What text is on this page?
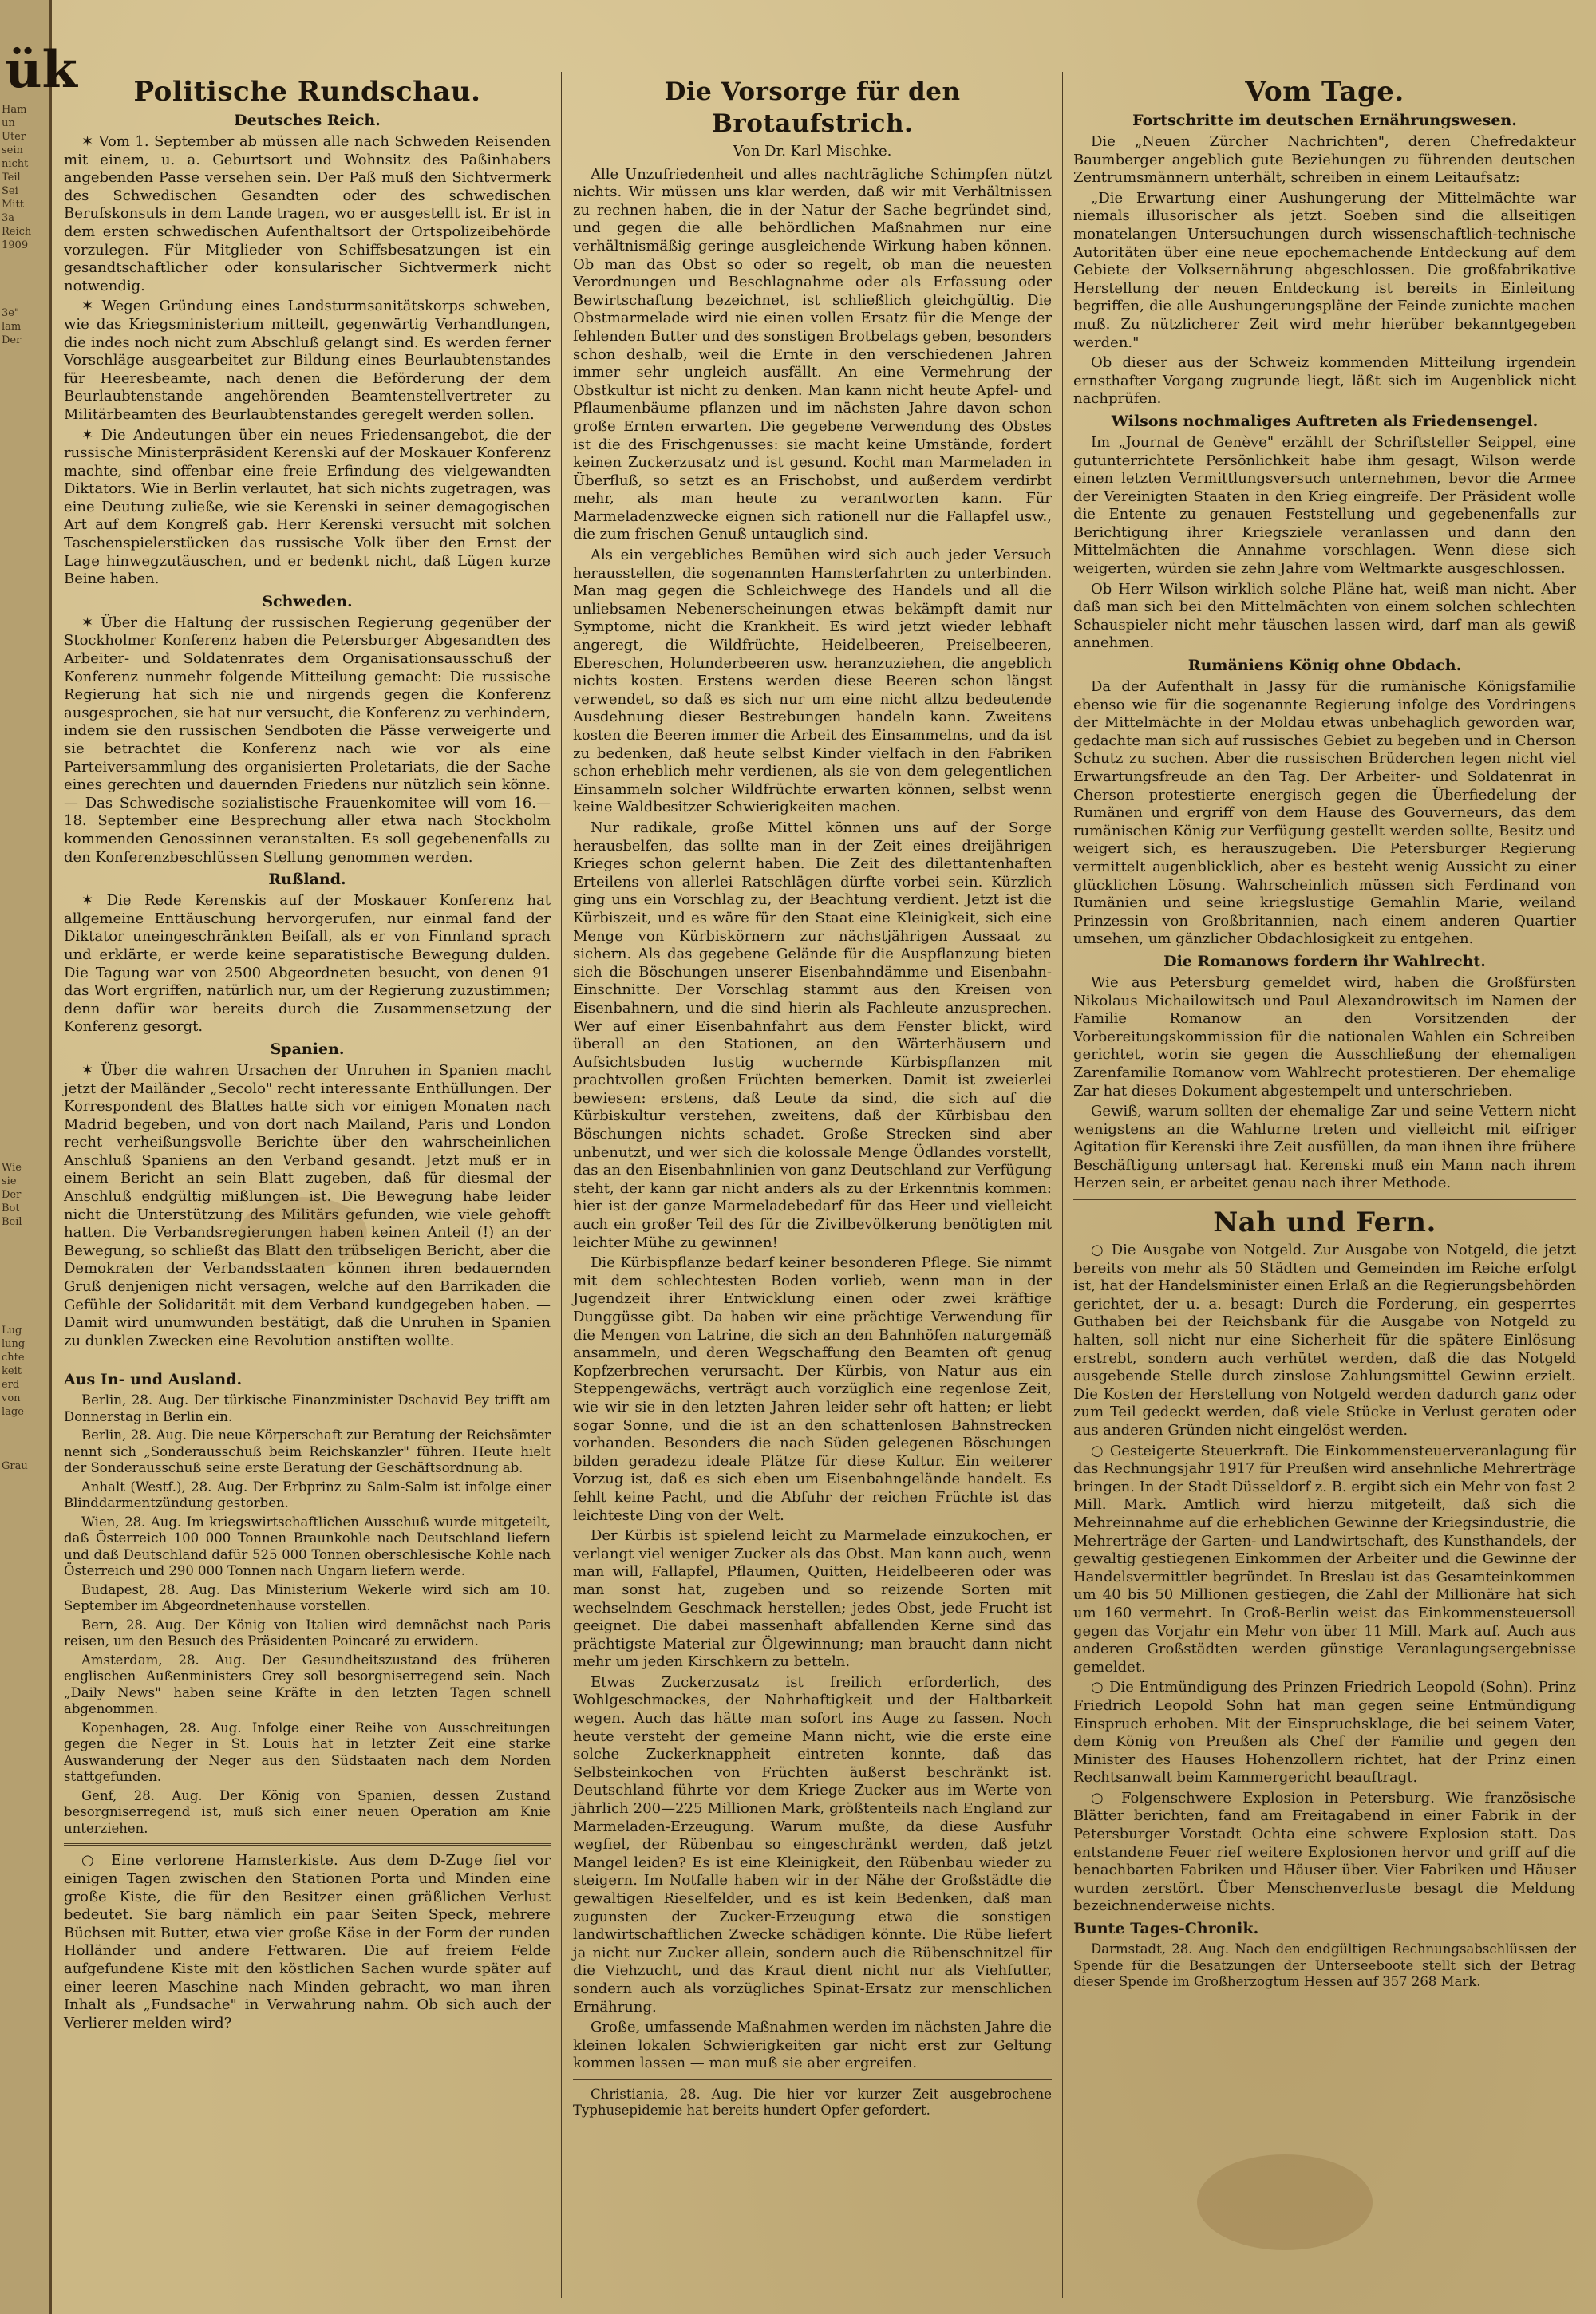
ük
Ham
un
Uter
sein
nicht
Teil
Sei
Mitt
3a
Reich
1909

3e"
lam
Der

Wie
sie
Der
Bot
Beil

Lug
lung
chte
keit
erd
von
lage

Grau
Politische Rundschau.
Deutsches Reich.

✶ Vom 1. September ab müssen alle nach Schweden Reisenden mit einem, u. a. Geburtsort und Wohnsitz des Paßinhabers angebenden Passe versehen sein. Der Paß muß den Sichtvermerk des Schwedischen Gesandten oder des schwedischen Berufskonsuls in dem Lande tragen, wo er ausgestellt ist. Er ist in dem ersten schwedischen Aufenthaltsort der Ortspolizeibehörde vorzulegen. Für Mitglieder von Schiffsbesatzungen ist ein gesandtschaftlicher oder konsularischer Sichtvermerk nicht notwendig.

✶ Wegen Gründung eines Landsturmsanitätskorps schweben, wie das Kriegsministerium mitteilt, gegenwärtig Verhandlungen, die indes noch nicht zum Abschluß gelangt sind. Es werden ferner Vorschläge ausgearbeitet zur Bildung eines Beurlaubtenstandes für Heeresbeamte, nach denen die Beförderung der dem Beurlaubtenstande angehörenden Beamtenstellvertreter zu Militärbeamten des Beurlaubtenstandes geregelt werden sollen.

✶ Die Andeutungen über ein neues Friedensangebot, die der russische Ministerpräsident Kerenski auf der Moskauer Konferenz machte, sind offenbar eine freie Erfindung des vielgewandten Diktators. Wie in Berlin verlautet, hat sich nichts zugetragen, was eine Deutung zuließe, wie sie Kerenski in seiner demagogischen Art auf dem Kongreß gab. Herr Kerenski versucht mit solchen Taschenspielerstücken das russische Volk über den Ernst der Lage hinwegzutäuschen, und er bedenkt nicht, daß Lügen kurze Beine haben.

Schweden.

✶ Über die Haltung der russischen Regierung gegenüber der Stockholmer Konferenz haben die Petersburger Abgesandten des Arbeiter- und Soldatenrates dem Organisationsausschuß der Konferenz nunmehr folgende Mitteilung gemacht: Die russische Regierung hat sich nie und nirgends gegen die Konferenz ausgesprochen, sie hat nur versucht, die Konferenz zu verhindern, indem sie den russischen Sendboten die Pässe verweigerte und sie betrachtet die Konferenz nach wie vor als eine Parteiversammlung des organisierten Proletariats, die der Sache eines gerechten und dauernden Friedens nur nützlich sein könne. — Das Schwedische sozialistische Frauenkomitee will vom 16.—18. September eine Besprechung aller etwa nach Stockholm kommenden Genossinnen veranstalten. Es soll gegebenenfalls zu den Konferenzbeschlüssen Stellung genommen werden.

Rußland.

✶ Die Rede Kerenskis auf der Moskauer Konferenz hat allgemeine Enttäuschung hervorgerufen, nur einmal fand der Diktator uneingeschränkten Beifall, als er von Finnland sprach und erklärte, er werde keine separatistische Bewegung dulden. Die Tagung war von 2500 Abgeordneten besucht, von denen 91 das Wort ergriffen, natürlich nur, um der Regierung zuzustimmen; denn dafür war bereits durch die Zusammensetzung der Konferenz gesorgt.

Spanien.

✶ Über die wahren Ursachen der Unruhen in Spanien macht jetzt der Mailänder „Secolo" recht interessante Enthüllungen. Der Korrespondent des Blattes hatte sich vor einigen Monaten nach Madrid begeben, und von dort nach Mailand, Paris und London recht verheißungsvolle Berichte über den wahrscheinlichen Anschluß Spaniens an den Verband gesandt. Jetzt muß er in einem Bericht an sein Blatt zugeben, daß für diesmal der Anschluß endgültig mißlungen ist. Die Bewegung habe leider nicht die Unterstützung des Militärs gefunden, wie viele gehofft hatten. Die Verbandsregierungen haben keinen Anteil (!) an der Bewegung, so schließt das Blatt den trübseligen Bericht, aber die Demokraten der Verbandsstaaten können ihren bedauernden Gruß denjenigen nicht versagen, welche auf den Barrikaden die Gefühle der Solidarität mit dem Verband kundgegeben haben. — Damit wird unumwunden bestätigt, daß die Unruhen in Spanien zu dunklen Zwecken eine Revolution anstiften wollte.

Aus In- und Ausland.

Berlin, 28. Aug. Der türkische Finanzminister Dschavid Bey trifft am Donnerstag in Berlin ein.

Berlin, 28. Aug. Die neue Körperschaft zur Beratung der Reichsämter nennt sich „Sonderausschuß beim Reichskanzler" führen. Heute hielt der Sonderausschuß seine erste Beratung der Geschäftsordnung ab.

Anhalt (Westf.), 28. Aug. Der Erbprinz zu Salm-Salm ist infolge einer Blinddarmentzündung gestorben.

Wien, 28. Aug. Im kriegswirtschaftlichen Ausschuß wurde mitgeteilt, daß Österreich 100 000 Tonnen Braunkohle nach Deutschland liefern und daß Deutschland dafür 525 000 Tonnen oberschlesische Kohle nach Österreich und 290 000 Tonnen nach Ungarn liefern werde.

Budapest, 28. Aug. Das Ministerium Wekerle wird sich am 10. September im Abgeordnetenhause vorstellen.

Bern, 28. Aug. Der König von Italien wird demnächst nach Paris reisen, um den Besuch des Präsidenten Poincaré zu erwidern.

Amsterdam, 28. Aug. Der Gesundheitszustand des früheren englischen Außenministers Grey soll besorgniserregend sein. Nach „Daily News" haben seine Kräfte in den letzten Tagen schnell abgenommen.

Kopenhagen, 28. Aug. Infolge einer Reihe von Ausschreitungen gegen die Neger in St. Louis hat in letzter Zeit eine starke Auswanderung der Neger aus den Südstaaten nach dem Norden stattgefunden.

Genf, 28. Aug. Der König von Spanien, dessen Zustand besorgniserregend ist, muß sich einer neuen Operation am Knie unterziehen.

○ Eine verlorene Hamsterkiste. Aus dem D-Zuge fiel vor einigen Tagen zwischen den Stationen Porta und Minden eine große Kiste, die für den Besitzer einen gräßlichen Verlust bedeutet. Sie barg nämlich ein paar Seiten Speck, mehrere Büchsen mit Butter, etwa vier große Käse in der Form der runden Holländer und andere Fettwaren. Die auf freiem Felde aufgefundene Kiste mit den köstlichen Sachen wurde später auf einer leeren Maschine nach Minden gebracht, wo man ihren Inhalt als „Fundsache" in Verwahrung nahm. Ob sich auch der Verlierer melden wird?

Die Vorsorge für den Brotaufstrich.
Von Dr. Karl Mischke.

Alle Unzufriedenheit und alles nachträgliche Schimpfen nützt nichts. Wir müssen uns klar werden, daß wir mit Verhältnissen zu rechnen haben, die in der Natur der Sache begründet sind, und gegen die alle behördlichen Maßnahmen nur eine verhältnismäßig geringe ausgleichende Wirkung haben können. Ob man das Obst so oder so regelt, ob man die neuesten Verordnungen und Beschlagnahme oder als Erfassung oder Bewirtschaftung bezeichnet, ist schließlich gleichgültig. Die Obstmarmelade wird nie einen vollen Ersatz für die Menge der fehlenden Butter und des sonstigen Brotbelags geben, besonders schon deshalb, weil die Ernte in den verschiedenen Jahren immer sehr ungleich ausfällt. An eine Vermehrung der Obstkultur ist nicht zu denken. Man kann nicht heute Apfel- und Pflaumenbäume pflanzen und im nächsten Jahre davon schon große Ernten erwarten. Die gegebene Verwendung des Obstes ist die des Frischgenusses: sie macht keine Umstände, fordert keinen Zuckerzusatz und ist gesund. Kocht man Marmeladen in Überfluß, so setzt es an Frischobst, und außerdem verdirbt mehr, als man heute zu verantworten kann. Für Marmeladenzwecke eignen sich rationell nur die Fallapfel usw., die zum frischen Genuß untauglich sind.

Als ein vergebliches Bemühen wird sich auch jeder Versuch herausstellen, die sogenannten Hamsterfahrten zu unterbinden. Man mag gegen die Schleichwege des Handels und all die unliebsamen Nebenerscheinungen etwas bekämpft damit nur Symptome, nicht die Krankheit. Es wird jetzt wieder lebhaft angeregt, die Wildfrüchte, Heidelbeeren, Preiselbeeren, Ebereschen, Holunderbeeren usw. heranzuziehen, die angeblich nichts kosten. Erstens werden diese Beeren schon längst verwendet, so daß es sich nur um eine nicht allzu bedeutende Ausdehnung dieser Bestrebungen handeln kann. Zweitens kosten die Beeren immer die Arbeit des Einsammelns, und da ist zu bedenken, daß heute selbst Kinder vielfach in den Fabriken schon erheblich mehr verdienen, als sie von dem gelegentlichen Einsammeln solcher Wildfrüchte erwarten können, selbst wenn keine Waldbesitzer Schwierigkeiten machen.

Nur radikale, große Mittel können uns auf der Sorge herausbelfen, das sollte man in der Zeit eines dreijährigen Krieges schon gelernt haben. Die Zeit des dilettantenhaften Erteilens von allerlei Ratschlägen dürfte vorbei sein. Kürzlich ging uns ein Vorschlag zu, der Beachtung verdient. Jetzt ist die Kürbiszeit, und es wäre für den Staat eine Kleinigkeit, sich eine Menge von Kürbiskörnern zur nächstjährigen Aussaat zu sichern. Als das gegebene Gelände für die Auspflanzung bieten sich die Böschungen unserer Eisenbahndämme und Eisenbahn-Einschnitte. Der Vorschlag stammt aus den Kreisen von Eisenbahnern, und die sind hierin als Fachleute anzusprechen. Wer auf einer Eisenbahnfahrt aus dem Fenster blickt, wird überall an den Stationen, an den Wärterhäusern und Aufsichtsbuden lustig wuchernde Kürbispflanzen mit prachtvollen großen Früchten bemerken. Damit ist zweierlei bewiesen: erstens, daß Leute da sind, die sich auf die Kürbiskultur verstehen, zweitens, daß der Kürbisbau den Böschungen nichts schadet. Große Strecken sind aber unbenutzt, und wer sich die kolossale Menge Ödlandes vorstellt, das an den Eisenbahnlinien von ganz Deutschland zur Verfügung steht, der kann gar nicht anders als zu der Erkenntnis kommen: hier ist der ganze Marmeladebedarf für das Heer und vielleicht auch ein großer Teil des für die Zivilbevölkerung benötigten mit leichter Mühe zu gewinnen!

Die Kürbispflanze bedarf keiner besonderen Pflege. Sie nimmt mit dem schlechtesten Boden vorlieb, wenn man in der Jugendzeit ihrer Entwicklung einen oder zwei kräftige Dunggüsse gibt. Da haben wir eine prächtige Verwendung für die Mengen von Latrine, die sich an den Bahnhöfen naturgemäß ansammeln, und deren Wegschaffung den Beamten oft genug Kopfzerbrechen verursacht. Der Kürbis, von Natur aus ein Steppengewächs, verträgt auch vorzüglich eine regenlose Zeit, wie wir sie in den letzten Jahren leider sehr oft hatten; er liebt sogar Sonne, und die ist an den schattenlosen Bahnstrecken vorhanden. Besonders die nach Süden gelegenen Böschungen bilden geradezu ideale Plätze für diese Kultur. Ein weiterer Vorzug ist, daß es sich eben um Eisenbahngelände handelt. Es fehlt keine Pacht, und die Abfuhr der reichen Früchte ist das leichteste Ding von der Welt.

Der Kürbis ist spielend leicht zu Marmelade einzukochen, er verlangt viel weniger Zucker als das Obst. Man kann auch, wenn man will, Fallapfel, Pflaumen, Quitten, Heidelbeeren oder was man sonst hat, zugeben und so reizende Sorten mit wechselndem Geschmack herstellen; jedes Obst, jede Frucht ist geeignet. Die dabei massenhaft abfallenden Kerne sind das prächtigste Material zur Ölgewinnung; man braucht dann nicht mehr um jeden Kirschkern zu betteln.

Etwas Zuckerzusatz ist freilich erforderlich, des Wohlgeschmackes, der Nahrhaftigkeit und der Haltbarkeit wegen. Auch das hätte man sofort ins Auge zu fassen. Noch heute versteht der gemeine Mann nicht, wie die erste eine solche Zuckerknappheit eintreten konnte, daß das Selbsteinkochen von Früchten äußerst beschränkt ist. Deutschland führte vor dem Kriege Zucker aus im Werte von jährlich 200—225 Millionen Mark, größtenteils nach England zur Marmeladen-Erzeugung. Warum mußte, da diese Ausfuhr wegfiel, der Rübenbau so eingeschränkt werden, daß jetzt Mangel leiden? Es ist eine Kleinigkeit, den Rübenbau wieder zu steigern. Im Notfalle haben wir in der Nähe der Großstädte die gewaltigen Rieselfelder, und es ist kein Bedenken, daß man zugunsten der Zucker-Erzeugung etwa die sonstigen landwirtschaftlichen Zwecke schädigen könnte. Die Rübe liefert ja nicht nur Zucker allein, sondern auch die Rübenschnitzel für die Viehzucht, und das Kraut dient nicht nur als Viehfutter, sondern auch als vorzügliches Spinat-Ersatz zur menschlichen Ernährung.

Große, umfassende Maßnahmen werden im nächsten Jahre die kleinen lokalen Schwierigkeiten gar nicht erst zur Geltung kommen lassen — man muß sie aber ergreifen.

Christiania, 28. Aug. Die hier vor kurzer Zeit ausgebrochene Typhusepidemie hat bereits hundert Opfer gefordert.

Vom Tage.
Fortschritte im deutschen Ernährungswesen.

Die „Neuen Zürcher Nachrichten", deren Chefredakteur Baumberger angeblich gute Beziehungen zu führenden deutschen Zentrumsmännern unterhält, schreiben in einem Leitaufsatz:

„Die Erwartung einer Aushungerung der Mittelmächte war niemals illusorischer als jetzt. Soeben sind die allseitigen monatelangen Untersuchungen durch wissenschaftlich-technische Autoritäten über eine neue epochemachende Entdeckung auf dem Gebiete der Volksernährung abgeschlossen. Die großfabrikative Herstellung der neuen Entdeckung ist bereits in Einleitung begriffen, die alle Aushungerungspläne der Feinde zunichte machen muß. Zu nützlicherer Zeit wird mehr hierüber bekanntgegeben werden."

Ob dieser aus der Schweiz kommenden Mitteilung irgendein ernsthafter Vorgang zugrunde liegt, läßt sich im Augenblick nicht nachprüfen.

Wilsons nochmaliges Auftreten als Friedensengel.

Im „Journal de Genève" erzählt der Schriftsteller Seippel, eine gutunterrichtete Persönlichkeit habe ihm gesagt, Wilson werde einen letzten Vermittlungsversuch unternehmen, bevor die Armee der Vereinigten Staaten in den Krieg eingreife. Der Präsident wolle die Entente zu genauen Feststellung und gegebenenfalls zur Berichtigung ihrer Kriegsziele veranlassen und dann den Mittelmächten die Annahme vorschlagen. Wenn diese sich weigerten, würden sie zehn Jahre vom Weltmarkte ausgeschlossen.

Ob Herr Wilson wirklich solche Pläne hat, weiß man nicht. Aber daß man sich bei den Mittelmächten von einem solchen schlechten Schauspieler nicht mehr täuschen lassen wird, darf man als gewiß annehmen.

Rumäniens König ohne Obdach.

Da der Aufenthalt in Jassy für die rumänische Königsfamilie ebenso wie für die sogenannte Regierung infolge des Vordringens der Mittelmächte in der Moldau etwas unbehaglich geworden war, gedachte man sich auf russisches Gebiet zu begeben und in Cherson Schutz zu suchen. Aber die russischen Brüderchen legen nicht viel Erwartungsfreude an den Tag. Der Arbeiter- und Soldatenrat in Cherson protestierte energisch gegen die Überfiedelung der Rumänen und ergriff von dem Hause des Gouverneurs, das dem rumänischen König zur Verfügung gestellt werden sollte, Besitz und weigert sich, es herauszugeben. Die Petersburger Regierung vermittelt augenblicklich, aber es besteht wenig Aussicht zu einer glücklichen Lösung. Wahrscheinlich müssen sich Ferdinand von Rumänien und seine kriegslustige Gemahlin Marie, weiland Prinzessin von Großbritannien, nach einem anderen Quartier umsehen, um gänzlicher Obdachlosigkeit zu entgehen.

Die Romanows fordern ihr Wahlrecht.

Wie aus Petersburg gemeldet wird, haben die Großfürsten Nikolaus Michailowitsch und Paul Alexandrowitsch im Namen der Familie Romanow an den Vorsitzenden der Vorbereitungskommission für die nationalen Wahlen ein Schreiben gerichtet, worin sie gegen die Ausschließung der ehemaligen Zarenfamilie Romanow vom Wahlrecht protestieren. Der ehemalige Zar hat dieses Dokument abgestempelt und unterschrieben.

Gewiß, warum sollten der ehemalige Zar und seine Vettern nicht wenigstens an die Wahlurne treten und vielleicht mit eifriger Agitation für Kerenski ihre Zeit ausfüllen, da man ihnen ihre frühere Beschäftigung untersagt hat. Kerenski muß ein Mann nach ihrem Herzen sein, er arbeitet genau nach ihrer Methode.

Nah und Fern.

○ Die Ausgabe von Notgeld. Zur Ausgabe von Notgeld, die jetzt bereits von mehr als 50 Städten und Gemeinden im Reiche erfolgt ist, hat der Handelsminister einen Erlaß an die Regierungsbehörden gerichtet, der u. a. besagt: Durch die Forderung, ein gesperrtes Guthaben bei der Reichsbank für die Ausgabe von Notgeld zu halten, soll nicht nur eine Sicherheit für die spätere Einlösung erstrebt, sondern auch verhütet werden, daß die das Notgeld ausgebende Stelle durch zinslose Zahlungsmittel Gewinn erzielt. Die Kosten der Herstellung von Notgeld werden dadurch ganz oder zum Teil gedeckt werden, daß viele Stücke in Verlust geraten oder aus anderen Gründen nicht eingelöst werden.

○ Gesteigerte Steuerkraft. Die Einkommensteuerveranlagung für das Rechnungsjahr 1917 für Preußen wird ansehnliche Mehrerträge bringen. In der Stadt Düsseldorf z. B. ergibt sich ein Mehr von fast 2 Mill. Mark. Amtlich wird hierzu mitgeteilt, daß sich die Mehreinnahme auf die erheblichen Gewinne der Kriegsindustrie, die Mehrerträge der Garten- und Landwirtschaft, des Kunsthandels, der gewaltig gestiegenen Einkommen der Arbeiter und die Gewinne der Handelsvermittler begründet. In Breslau ist das Gesamteinkommen um 40 bis 50 Millionen gestiegen, die Zahl der Millionäre hat sich um 160 vermehrt. In Groß-Berlin weist das Einkommensteuersoll gegen das Vorjahr ein Mehr von über 11 Mill. Mark auf. Auch aus anderen Großstädten werden günstige Veranlagungsergebnisse gemeldet.

○ Die Entmündigung des Prinzen Friedrich Leopold (Sohn). Prinz Friedrich Leopold Sohn hat man gegen seine Entmündigung Einspruch erhoben. Mit der Einspruchsklage, die bei seinem Vater, dem König von Preußen als Chef der Familie und gegen den Minister des Hauses Hohenzollern richtet, hat der Prinz einen Rechtsanwalt beim Kammergericht beauftragt.

○ Folgenschwere Explosion in Petersburg. Wie französische Blätter berichten, fand am Freitagabend in einer Fabrik in der Petersburger Vorstadt Ochta eine schwere Explosion statt. Das entstandene Feuer rief weitere Explosionen hervor und griff auf die benachbarten Fabriken und Häuser über. Vier Fabriken und Häuser wurden zerstört. Über Menschenverluste besagt die Meldung bezeichnenderweise nichts.

Bunte Tages-Chronik.

Darmstadt, 28. Aug. Nach den endgültigen Rechnungsabschlüssen der Spende für die Besatzungen der Unterseeboote stellt sich der Betrag dieser Spende im Großherzogtum Hessen auf 357 268 Mark.
